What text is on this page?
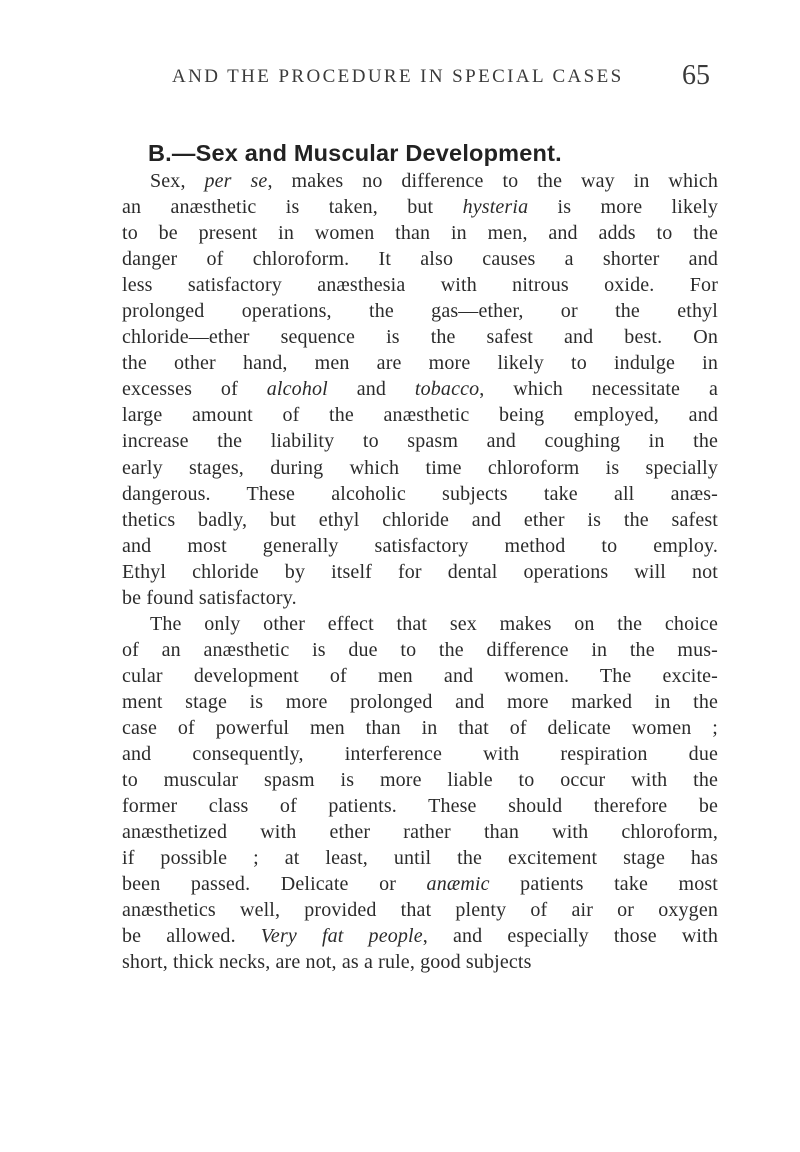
AND THE PROCEDURE IN SPECIAL CASES 65
B.—Sex and Muscular Development.
Sex, per se, makes no difference to the way in which
an anæsthetic is taken, but hysteria is more likely
to be present in women than in men, and adds to the
danger of chloroform. It also causes a shorter and
less satisfactory anæsthesia with nitrous oxide. For
prolonged operations, the gas—ether, or the ethyl
chloride—ether sequence is the safest and best. On
the other hand, men are more likely to indulge in
excesses of alcohol and tobacco, which necessitate a
large amount of the anæsthetic being employed, and
increase the liability to spasm and coughing in the
early stages, during which time chloroform is specially
dangerous. These alcoholic subjects take all anæs-
thetics badly, but ethyl chloride and ether is the safest
and most generally satisfactory method to employ.
Ethyl chloride by itself for dental operations will not
be found satisfactory.
The only other effect that sex makes on the choice
of an anæsthetic is due to the difference in the mus-
cular development of men and women. The excite-
ment stage is more prolonged and more marked in the
case of powerful men than in that of delicate women ;
and consequently, interference with respiration due
to muscular spasm is more liable to occur with the
former class of patients. These should therefore be
anæsthetized with ether rather than with chloroform,
if possible ; at least, until the excitement stage has
been passed. Delicate or anæmic patients take most
anæsthetics well, provided that plenty of air or oxygen
be allowed. Very fat people, and especially those with
short, thick necks, are not, as a rule, good subjects
